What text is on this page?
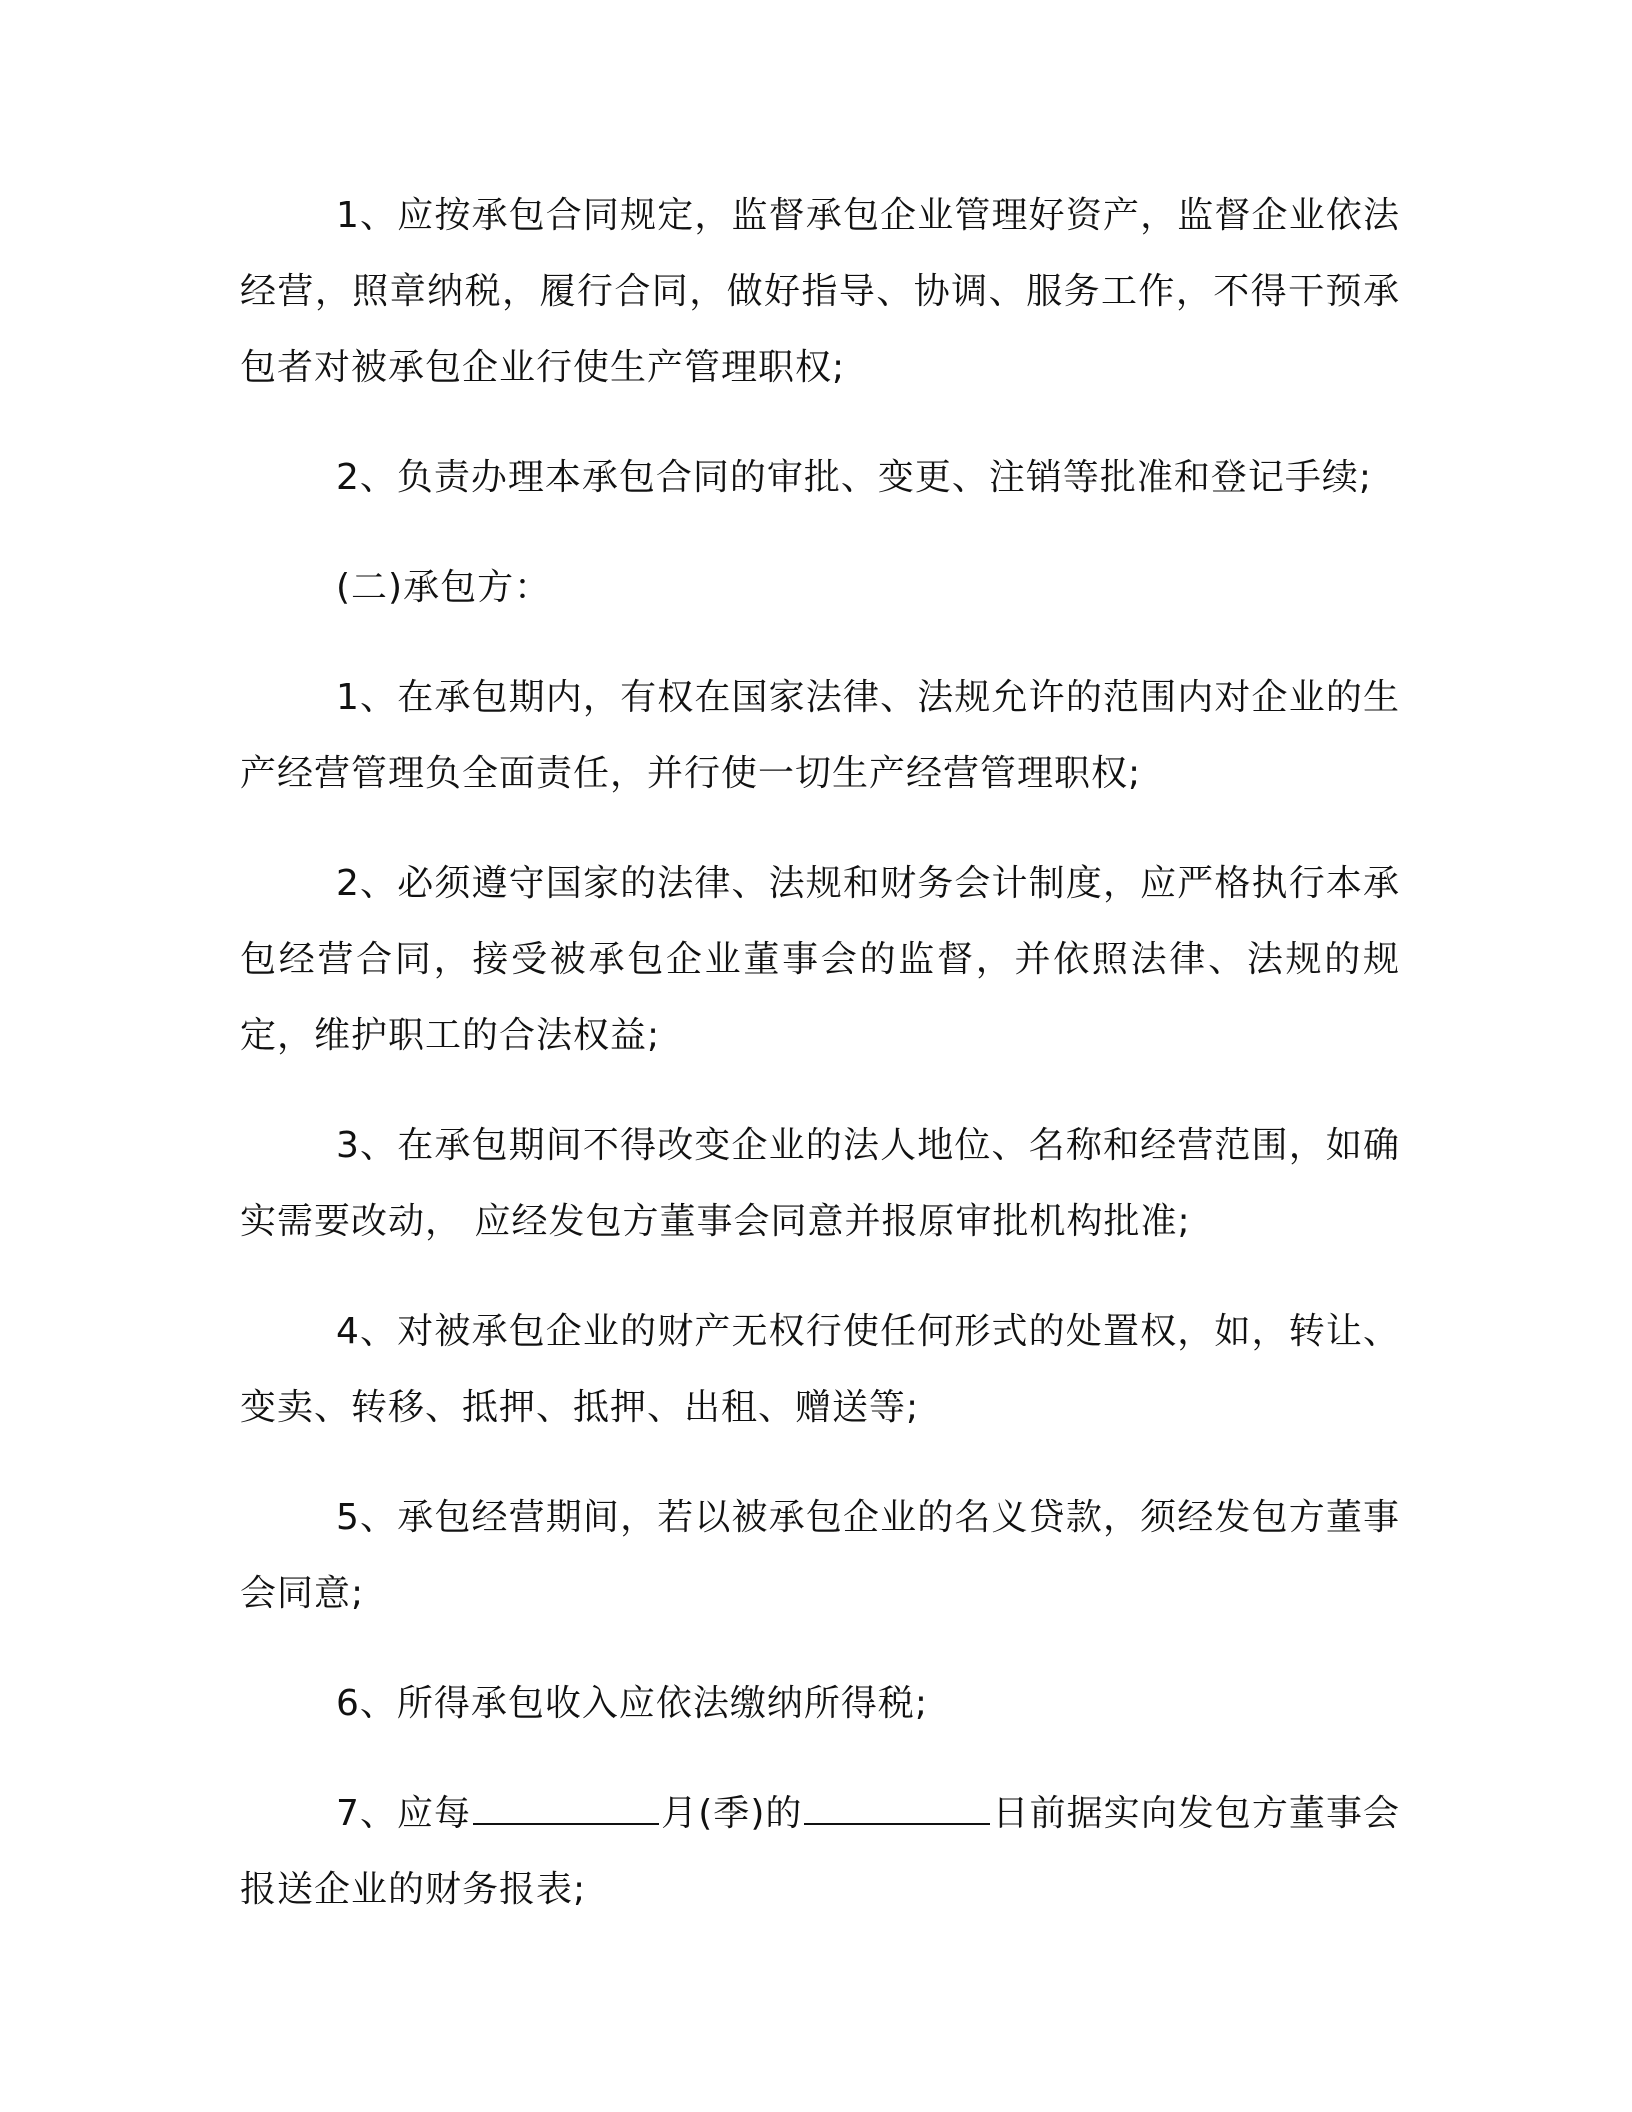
1、应按承包合同规定，监督承包企业管理好资产，监督企业依法经营，照章纳税，履行合同，做好指导、协调、服务工作，不得干预承包者对被承包企业行使生产管理职权;

2、负责办理本承包合同的审批、变更、注销等批准和登记手续;

(二)承包方：

1、在承包期内，有权在国家法律、法规允许的范围内对企业的生产经营管理负全面责任，并行使一切生产经营管理职权;

2、必须遵守国家的法律、法规和财务会计制度，应严格执行本承包经营合同，接受被承包企业董事会的监督，并依照法律、法规的规定，维护职工的合法权益;

3、在承包期间不得改变企业的法人地位、名称和经营范围，如确实需要改动， 应经发包方董事会同意并报原审批机构批准;

4、对被承包企业的财产无权行使任何形式的处置权，如，转让、变卖、转移、抵押、抵押、出租、赠送等;

5、承包经营期间，若以被承包企业的名义贷款，须经发包方董事会同意;

6、所得承包收入应依法缴纳所得税;

7、应每	月(季)的	日前据实向发包方董事会报送企业的财务报表;
